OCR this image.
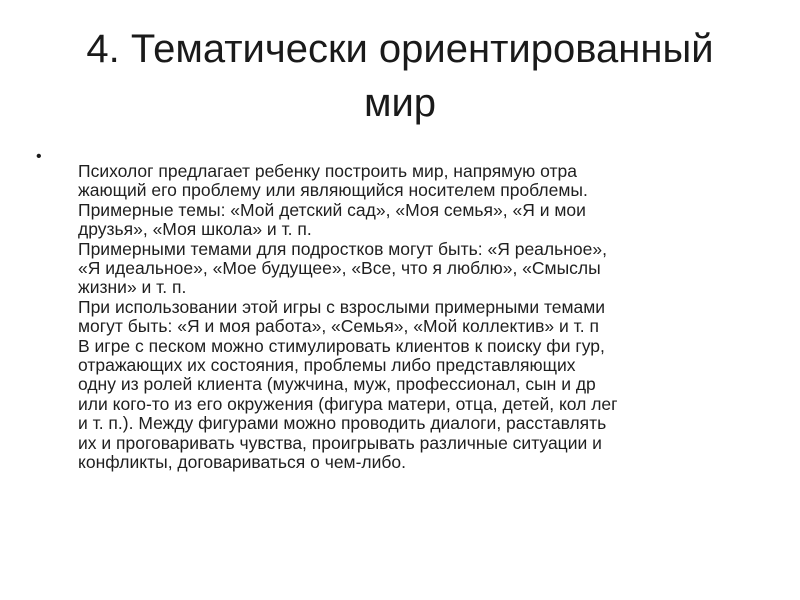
4. Тематически ориентированный
мир
•
Психолог предлагает ребенку построить мир, напрямую отра
жающий его проблему или являющийся носителем проблемы.
Примерные темы: «Мой детский сад», «Моя семья», «Я и мои
друзья», «Моя школа» и т. п.
Примерными темами для подростков могут быть: «Я реальное»,
«Я идеальное», «Мое будущее», «Все, что я люблю», «Смыслы
жизни» и т. п.
При использовании этой игры с взрослыми примерными темами
могут быть: «Я и моя работа», «Семья», «Мой коллектив» и т. п
В игре с песком можно стимулировать клиентов к поиску фи гур,
отражающих их состояния, проблемы либо представляющих
одну из ролей клиента (мужчина, муж, профессионал, сын и др
или кого-то из его окружения (фигура матери, отца, детей, кол лег
и т. п.). Между фигурами можно проводить диалоги, расставлять
их и проговаривать чувства, проигрывать различные ситуации и
конфликты, договариваться о чем-либо.
